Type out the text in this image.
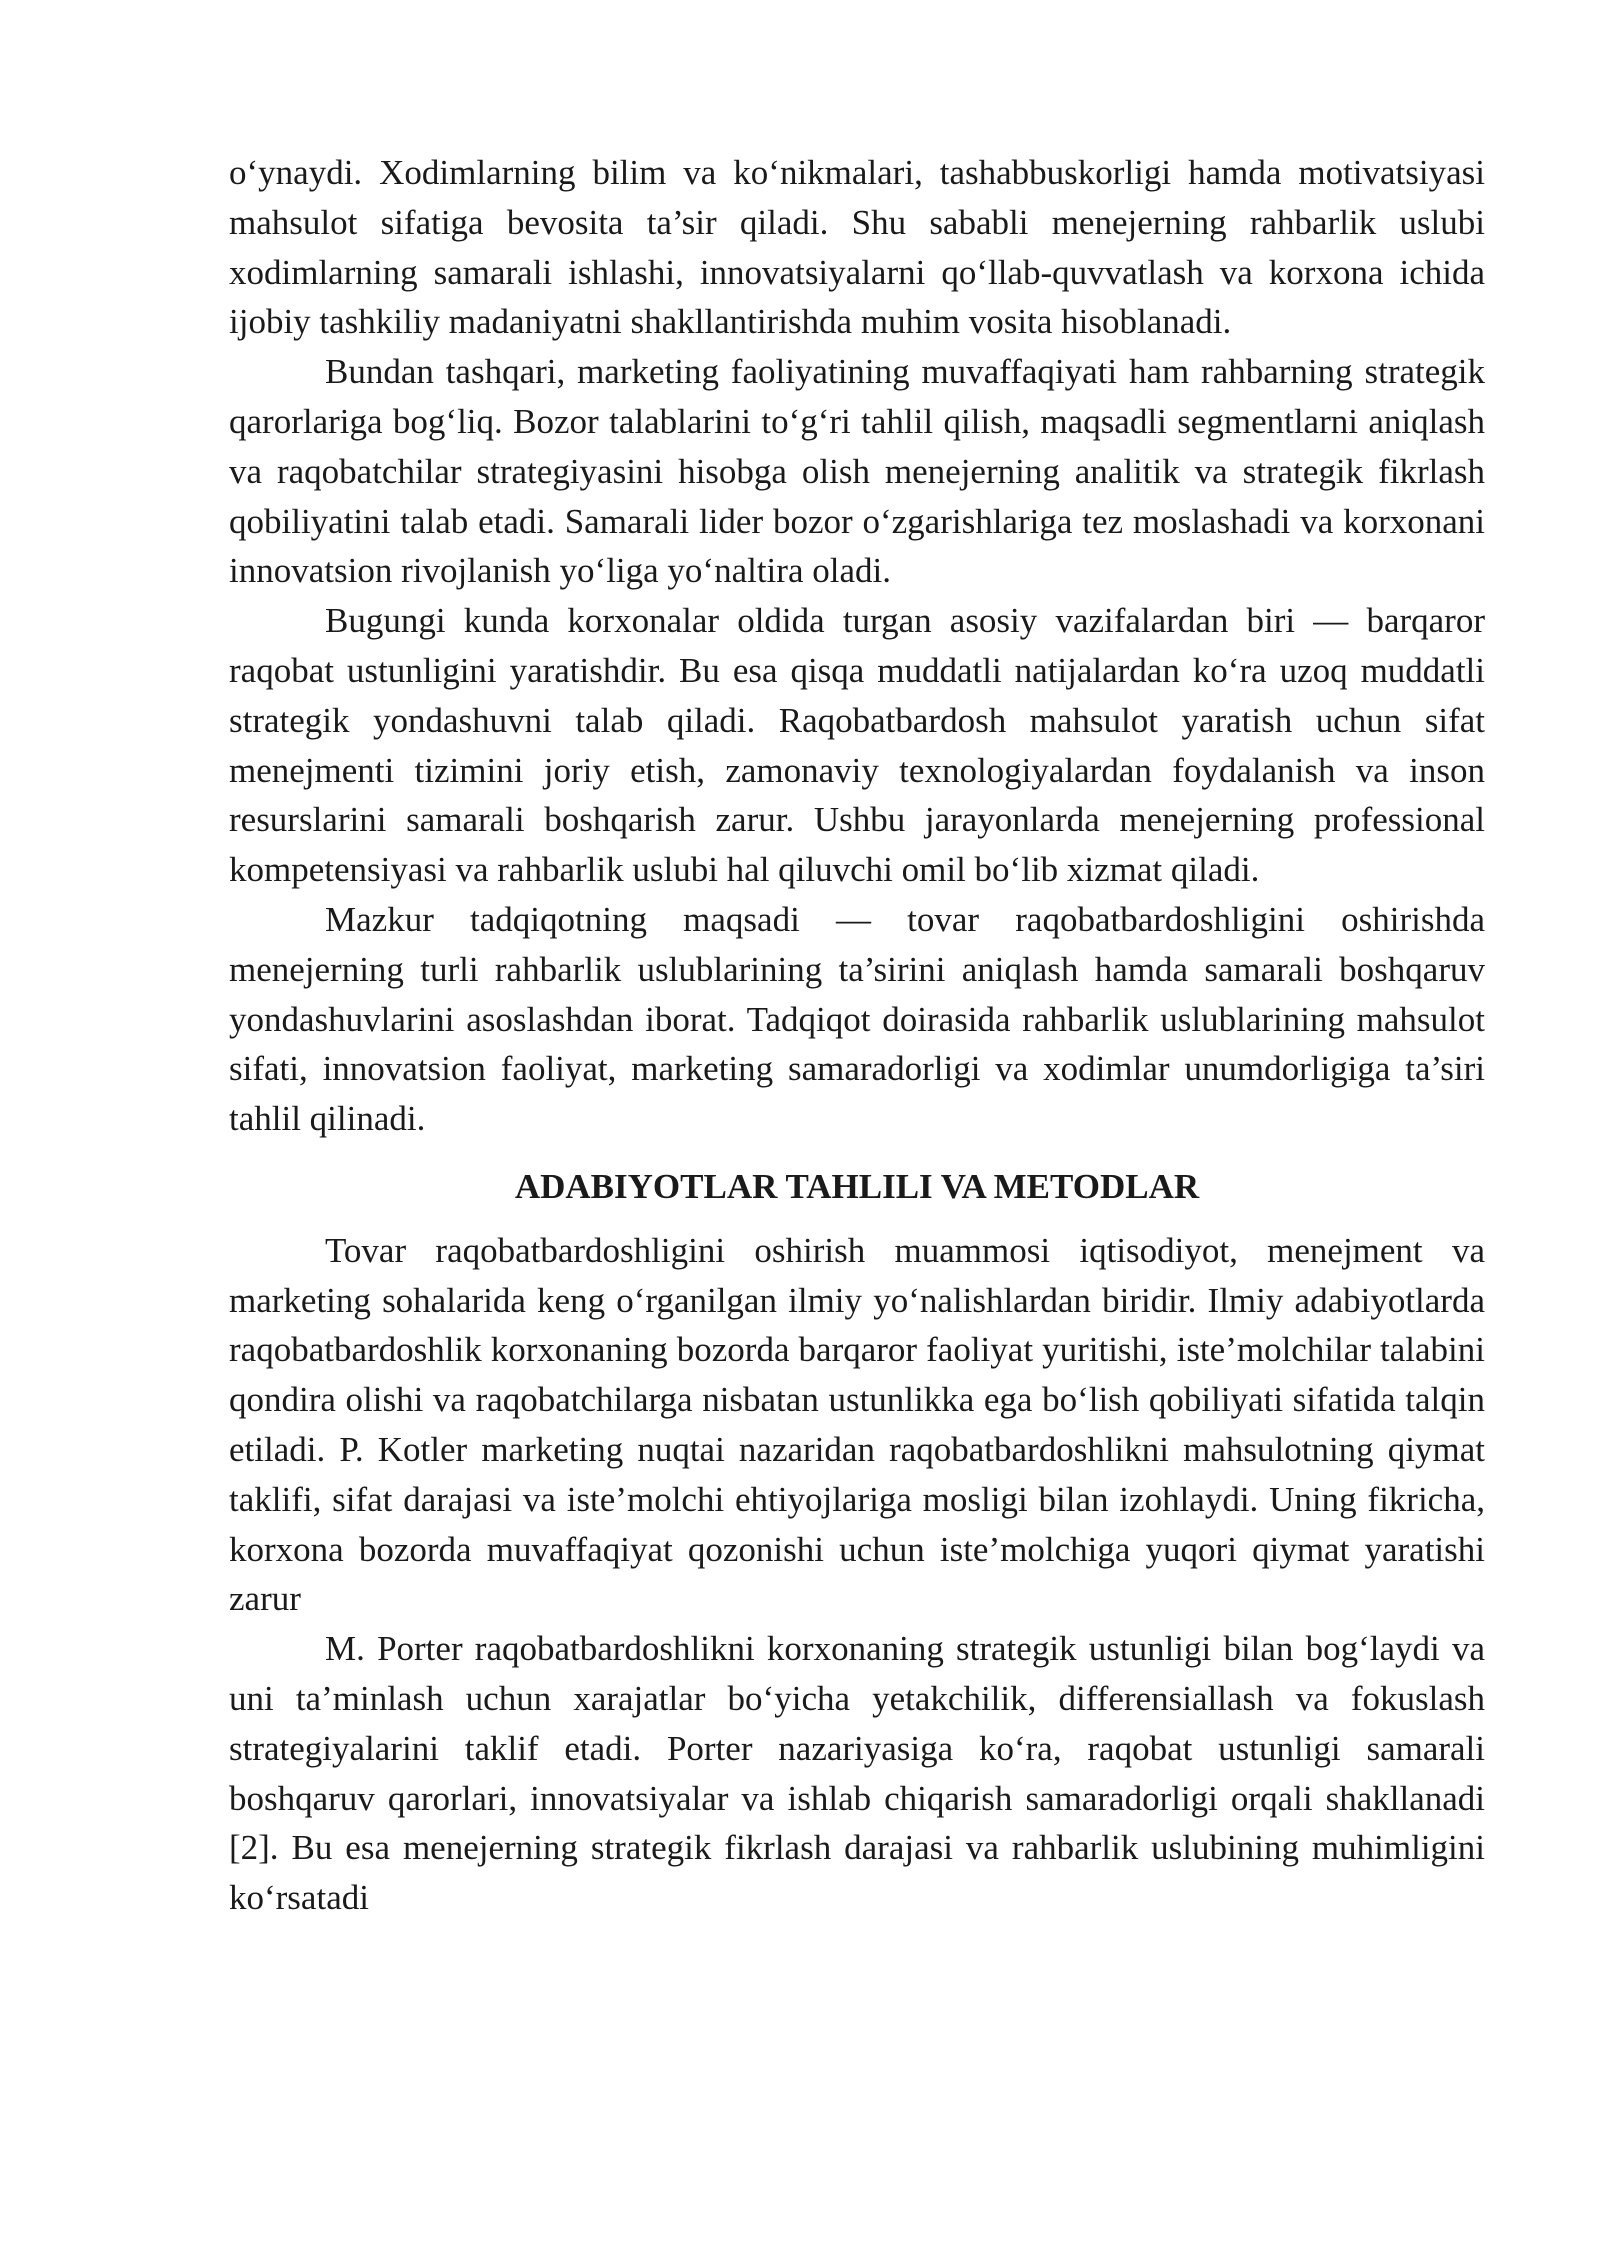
o‘ynaydi. Xodimlarning bilim va ko‘nikmalari, tashabbuskorligi hamda motivatsiyasi mahsulot sifatiga bevosita ta’sir qiladi. Shu sababli menejerning rahbarlik uslubi xodimlarning samarali ishlashi, innovatsiyalarni qo‘llab-quvvatlash va korxona ichida ijobiy tashkiliy madaniyatni shakllantirishda muhim vosita hisoblanadi.

Bundan tashqari, marketing faoliyatining muvaffaqiyati ham rahbarning strategik qarorlariga bog‘liq. Bozor talablarini to‘g‘ri tahlil qilish, maqsadli segmentlarni aniqlash va raqobatchilar strategiyasini hisobga olish menejerning analitik va strategik fikrlash qobiliyatini talab etadi. Samarali lider bozor o‘zgarishlariga tez moslashadi va korxonani innovatsion rivojlanish yo‘liga yo‘naltira oladi.

Bugungi kunda korxonalar oldida turgan asosiy vazifalardan biri — barqaror raqobat ustunligini yaratishdir. Bu esa qisqa muddatli natijalardan ko‘ra uzoq muddatli strategik yondashuvni talab qiladi. Raqobatbardosh mahsulot yaratish uchun sifat menejmenti tizimini joriy etish, zamonaviy texnologiyalardan foydalanish va inson resurslarini samarali boshqarish zarur. Ushbu jarayonlarda menejerning professional kompetensiyasi va rahbarlik uslubi hal qiluvchi omil bo‘lib xizmat qiladi.

Mazkur tadqiqotning maqsadi — tovar raqobatbardoshligini oshirishda menejerning turli rahbarlik uslublarining ta’sirini aniqlash hamda samarali boshqaruv yondashuvlarini asoslashdan iborat. Tadqiqot doirasida rahbarlik uslublarining mahsulot sifati, innovatsion faoliyat, marketing samaradorligi va xodimlar unumdorligiga ta’siri tahlil qilinadi.

ADABIYOTLAR TAHLILI VA METODLAR

Tovar raqobatbardoshligini oshirish muammosi iqtisodiyot, menejment va marketing sohalarida keng o‘rganilgan ilmiy yo‘nalishlardan biridir. Ilmiy adabiyotlarda raqobatbardoshlik korxonaning bozorda barqaror faoliyat yuritishi, iste’molchilar talabini qondira olishi va raqobatchilarga nisbatan ustunlikka ega bo‘lish qobiliyati sifatida talqin etiladi. P. Kotler marketing nuqtai nazaridan raqobatbardoshlikni mahsulotning qiymat taklifi, sifat darajasi va iste’molchi ehtiyojlariga mosligi bilan izohlaydi. Uning fikricha, korxona bozorda muvaffaqiyat qozonishi uchun iste’molchiga yuqori qiymat yaratishi zarur

M. Porter raqobatbardoshlikni korxonaning strategik ustunligi bilan bog‘laydi va uni ta’minlash uchun xarajatlar bo‘yicha yetakchilik, differensiallash va fokuslash strategiyalarini taklif etadi. Porter nazariyasiga ko‘ra, raqobat ustunligi samarali boshqaruv qarorlari, innovatsiyalar va ishlab chiqarish samaradorligi orqali shakllanadi [2]. Bu esa menejerning strategik fikrlash darajasi va rahbarlik uslubining muhimligini ko‘rsatadi
